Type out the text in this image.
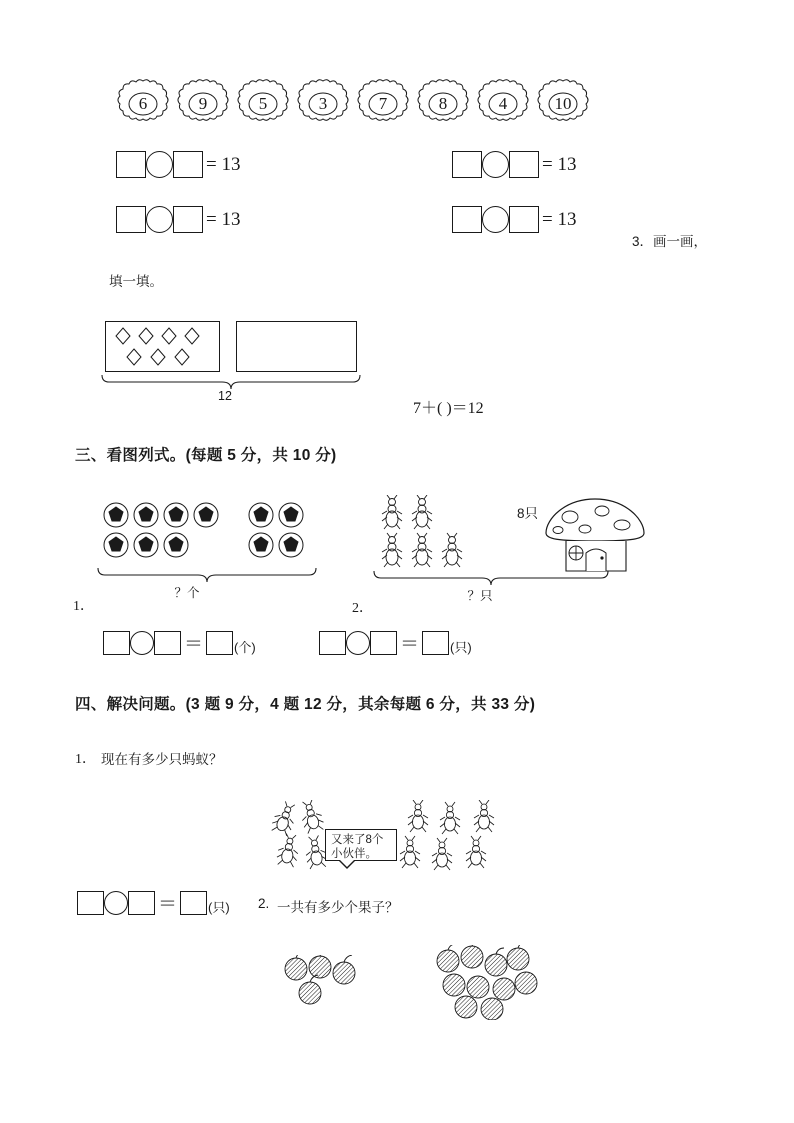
6	9	5	3	7	8	4	10
= 13	= 13
= 13	= 13
3．画一画，
填一填。
12
7＋( )＝12
三、看图列式。(每题 5 分，共 10 分)
？个
1．
8只
？只
2．
＝ (个)	＝ (只)
四、解决问题。(3 题 9 分，4 题 12 分，其余每题 6 分，共 33 分)
1． 现在有多少只蚂蚁？
又来了8个小伙伴。
＝ (只) 2. 一共有多少个果子？
